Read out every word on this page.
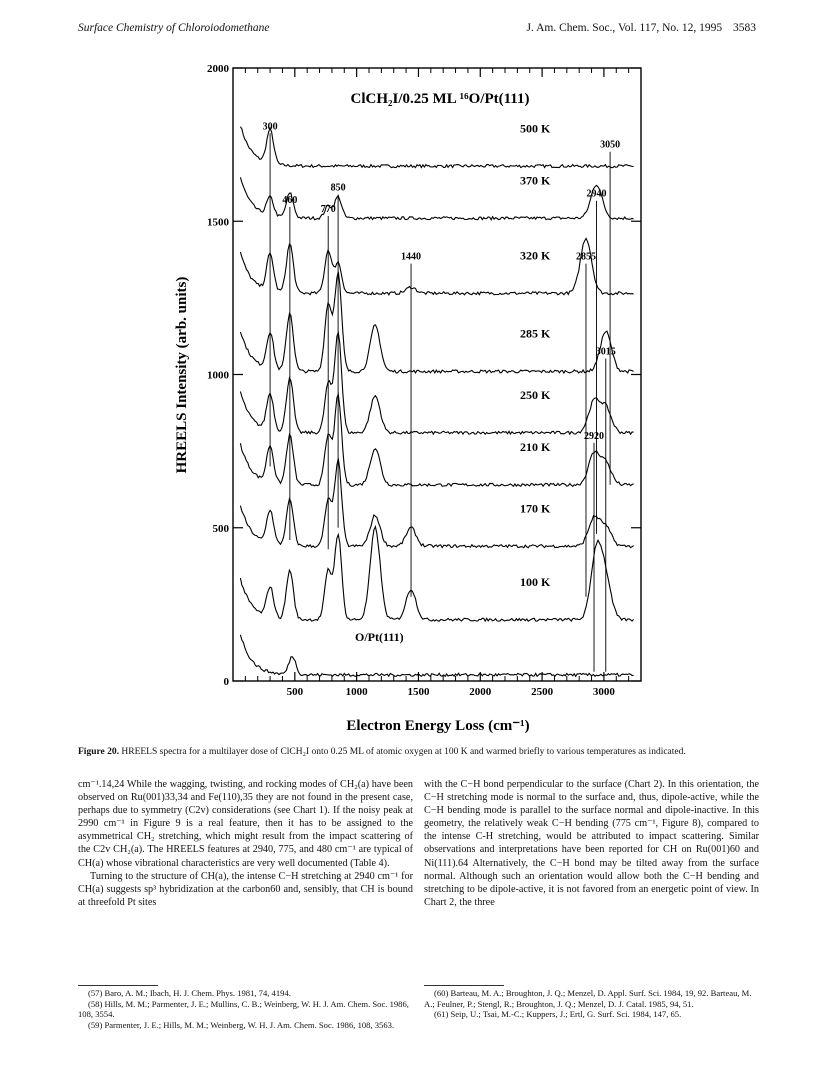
Surface Chemistry of Chloroiodomethane	J. Am. Chem. Soc., Vol. 117, No. 12, 1995 3583
500	1000	1500	2000	2500	3000
0
500
1000
1500
2000
500 K
370 K
320 K
285 K
250 K
210 K
170 K
100 K
O/Pt(111)
300
460
770
850
1440	2855
2940
3050
3015
2920
ClCH₂I/0.25 ML ¹⁶O/Pt(111)
Electron Energy Loss (cm⁻¹)
HREELS Intensity (arb. units)
Figure 20. HREELS spectra for a multilayer dose of ClCH₂I onto 0.25 ML of atomic oxygen at 100 K and warmed briefly to various temperatures as indicated.

cm⁻¹.14,24 While the wagging, twisting, and rocking modes of CH₂(a) have been observed on Ru(001)33,34 and Fe(110),35 they are not found in the present case, perhaps due to symmetry (C2v) considerations (see Chart 1). If the noisy peak at 2990 cm⁻¹ in Figure 9 is a real feature, then it has to be assigned to the asymmetrical CH₂ stretching, which might result from the impact scattering of the C2v CH₂(a). The HREELS features at 2940, 775, and 480 cm⁻¹ are typical of CH(a) whose vibrational characteristics are very well documented (Table 4).

Turning to the structure of CH(a), the intense C−H stretching at 2940 cm⁻¹ for CH(a) suggests sp³ hybridization at the carbon60 and, sensibly, that CH is bound at threefold Pt sites

with the C−H bond perpendicular to the surface (Chart 2). In this orientation, the C−H stretching mode is normal to the surface and, thus, dipole-active, while the C−H bending mode is parallel to the surface normal and dipole-inactive. In this geometry, the relatively weak C−H bending (775 cm⁻¹, Figure 8), compared to the intense C-H stretching, would be attributed to impact scattering. Similar observations and interpretations have been reported for CH on Ru(001)60 and Ni(111).64 Alternatively, the C−H bond may be tilted away from the surface normal. Although such an orientation would allow both the C−H bending and stretching to be dipole-active, it is not favored from an energetic point of view. In Chart 2, the three

(57) Baro, A. M.; Ibach, H. J. Chem. Phys. 1981, 74, 4194.

(58) Hills, M. M.; Parmenter, J. E.; Mullins, C. B.; Weinberg, W. H. J. Am. Chem. Soc. 1986, 108, 3554.

(59) Parmenter, J. E.; Hills, M. M.; Weinberg, W. H. J. Am. Chem. Soc. 1986, 108, 3563.

(60) Barteau, M. A.; Broughton, J. Q.; Menzel, D. Appl. Surf. Sci. 1984, 19, 92. Barteau, M. A.; Feulner, P.; Stengl, R.; Broughton, J. Q.; Menzel, D. J. Catal. 1985, 94, 51.

(61) Seip, U.; Tsai, M.-C.; Kuppers, J.; Ertl, G. Surf. Sci. 1984, 147, 65.
